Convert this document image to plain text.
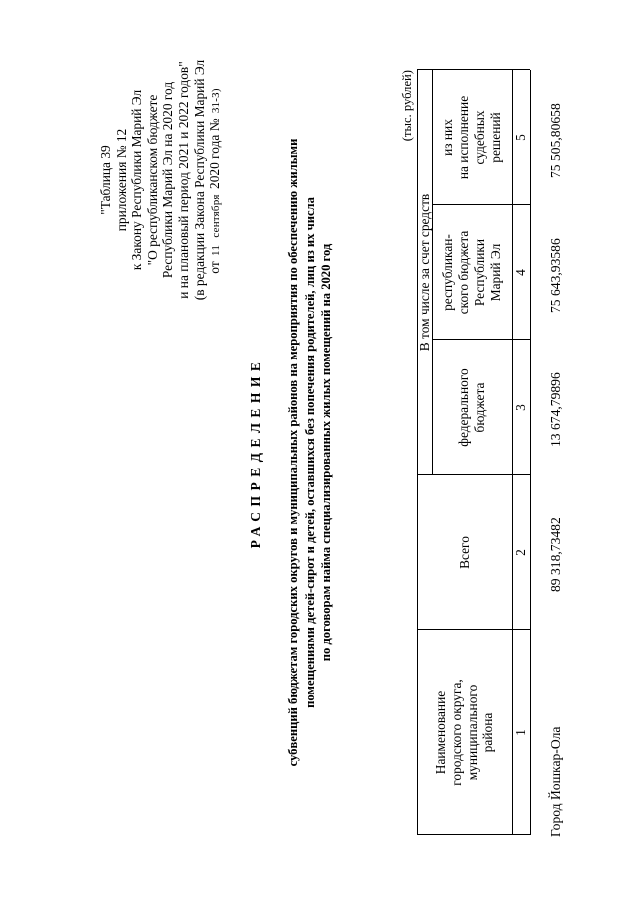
"Таблица 39 приложения № 12 к Закону Республики Марий Эл "О республиканском бюджете Республики Марий Эл на 2020 год и на плановый период 2021 и 2022 годов" (в редакции Закона Республики Марий Эл от 11 сентября 2020 года № 31-З)
РАСПРЕДЕЛЕНИЕ субвенций бюджетам городских округов и муниципальных районов на мероприятия по обеспечению жилыми помещениями детей-сирот и детей, оставшихся без попечения родителей, лиц из их числа по договорам найма специализированных жилых помещений на 2020 год
(тыс. рублей)
Наименование городского округа, муниципального района
Всего
В том числе за счет средств
федерального бюджета
республикан- ского бюджета Республики Марий Эл
из них на исполнение судебных решений
1
2
3
4
5
Город Йошкар-Ола
89 318,73482
13 674,79896
75 643,93586
75 505,80658
